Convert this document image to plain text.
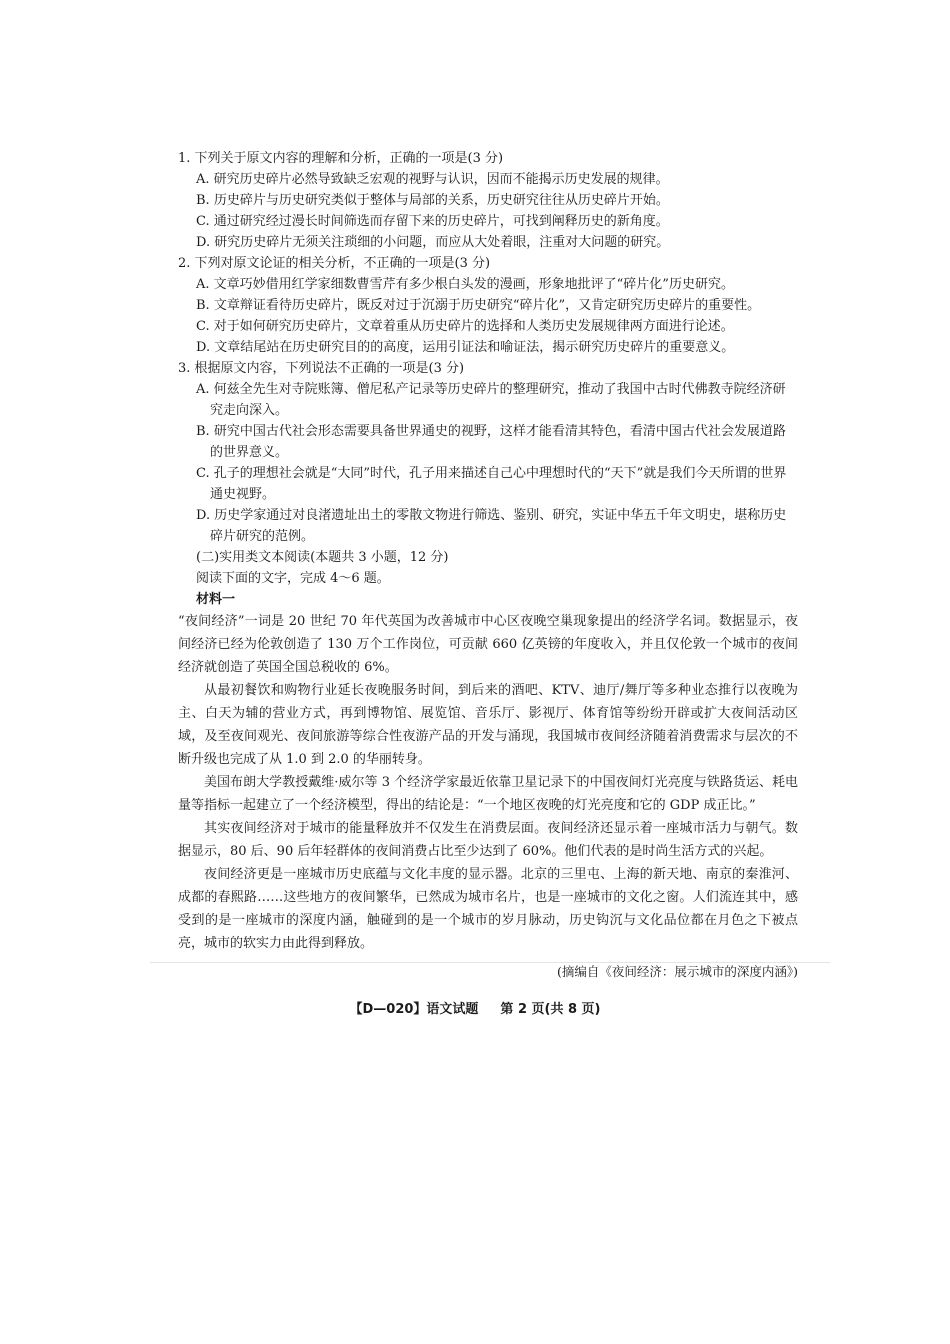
1. 下列关于原文内容的理解和分析，正确的一项是(3 分)

A. 研究历史碎片必然导致缺乏宏观的视野与认识，因而不能揭示历史发展的规律。

B. 历史碎片与历史研究类似于整体与局部的关系，历史研究往往从历史碎片开始。

C. 通过研究经过漫长时间筛选而存留下来的历史碎片，可找到阐释历史的新角度。

D. 研究历史碎片无须关注琐细的小问题，而应从大处着眼，注重对大问题的研究。

2. 下列对原文论证的相关分析，不正确的一项是(3 分)

A. 文章巧妙借用红学家细数曹雪芹有多少根白头发的漫画，形象地批评了“碎片化”历史研究。

B. 文章辩证看待历史碎片，既反对过于沉溺于历史研究“碎片化”，又肯定研究历史碎片的重要性。

C. 对于如何研究历史碎片，文章着重从历史碎片的选择和人类历史发展规律两方面进行论述。

D. 文章结尾站在历史研究目的的高度，运用引证法和喻证法，揭示研究历史碎片的重要意义。

3. 根据原文内容，下列说法不正确的一项是(3 分)

A. 何兹全先生对寺院账簿、僧尼私产记录等历史碎片的整理研究，推动了我国中古时代佛教寺院经济研究走向深入。

B. 研究中国古代社会形态需要具备世界通史的视野，这样才能看清其特色，看清中国古代社会发展道路的世界意义。

C. 孔子的理想社会就是“大同”时代，孔子用来描述自己心中理想时代的“天下”就是我们今天所谓的世界通史视野。

D. 历史学家通过对良渚遗址出土的零散文物进行筛选、鉴别、研究，实证中华五千年文明史，堪称历史碎片研究的范例。

(二)实用类文本阅读(本题共 3 小题，12 分)

阅读下面的文字，完成 4～6 题。

材料一

“夜间经济”一词是 20 世纪 70 年代英国为改善城市中心区夜晚空巢现象提出的经济学名词。数据显示，夜间经济已经为伦敦创造了 130 万个工作岗位，可贡献 660 亿英镑的年度收入，并且仅伦敦一个城市的夜间经济就创造了英国全国总税收的 6%。

从最初餐饮和购物行业延长夜晚服务时间，到后来的酒吧、KTV、迪厅/舞厅等多种业态推行以夜晚为主、白天为辅的营业方式，再到博物馆、展览馆、音乐厅、影视厅、体育馆等纷纷开辟或扩大夜间活动区域，及至夜间观光、夜间旅游等综合性夜游产品的开发与涌现，我国城市夜间经济随着消费需求与层次的不断升级也完成了从 1.0 到 2.0 的华丽转身。

美国布朗大学教授戴维·威尔等 3 个经济学家最近依靠卫星记录下的中国夜间灯光亮度与铁路货运、耗电量等指标一起建立了一个经济模型，得出的结论是：“一个地区夜晚的灯光亮度和它的 GDP 成正比。”

其实夜间经济对于城市的能量释放并不仅发生在消费层面。夜间经济还显示着一座城市活力与朝气。数据显示，80 后、90 后年轻群体的夜间消费占比至少达到了 60%。他们代表的是时尚生活方式的兴起。

夜间经济更是一座城市历史底蕴与文化丰度的显示器。北京的三里屯、上海的新天地、南京的秦淮河、成都的春熙路……这些地方的夜间繁华，已然成为城市名片，也是一座城市的文化之窗。人们流连其中，感受到的是一座城市的深度内涵，触碰到的是一个城市的岁月脉动，历史钩沉与文化品位都在月色之下被点亮，城市的软实力由此得到释放。

(摘编自《夜间经济：展示城市的深度内涵》)

【D—020】语文试题 第 2 页(共 8 页)
